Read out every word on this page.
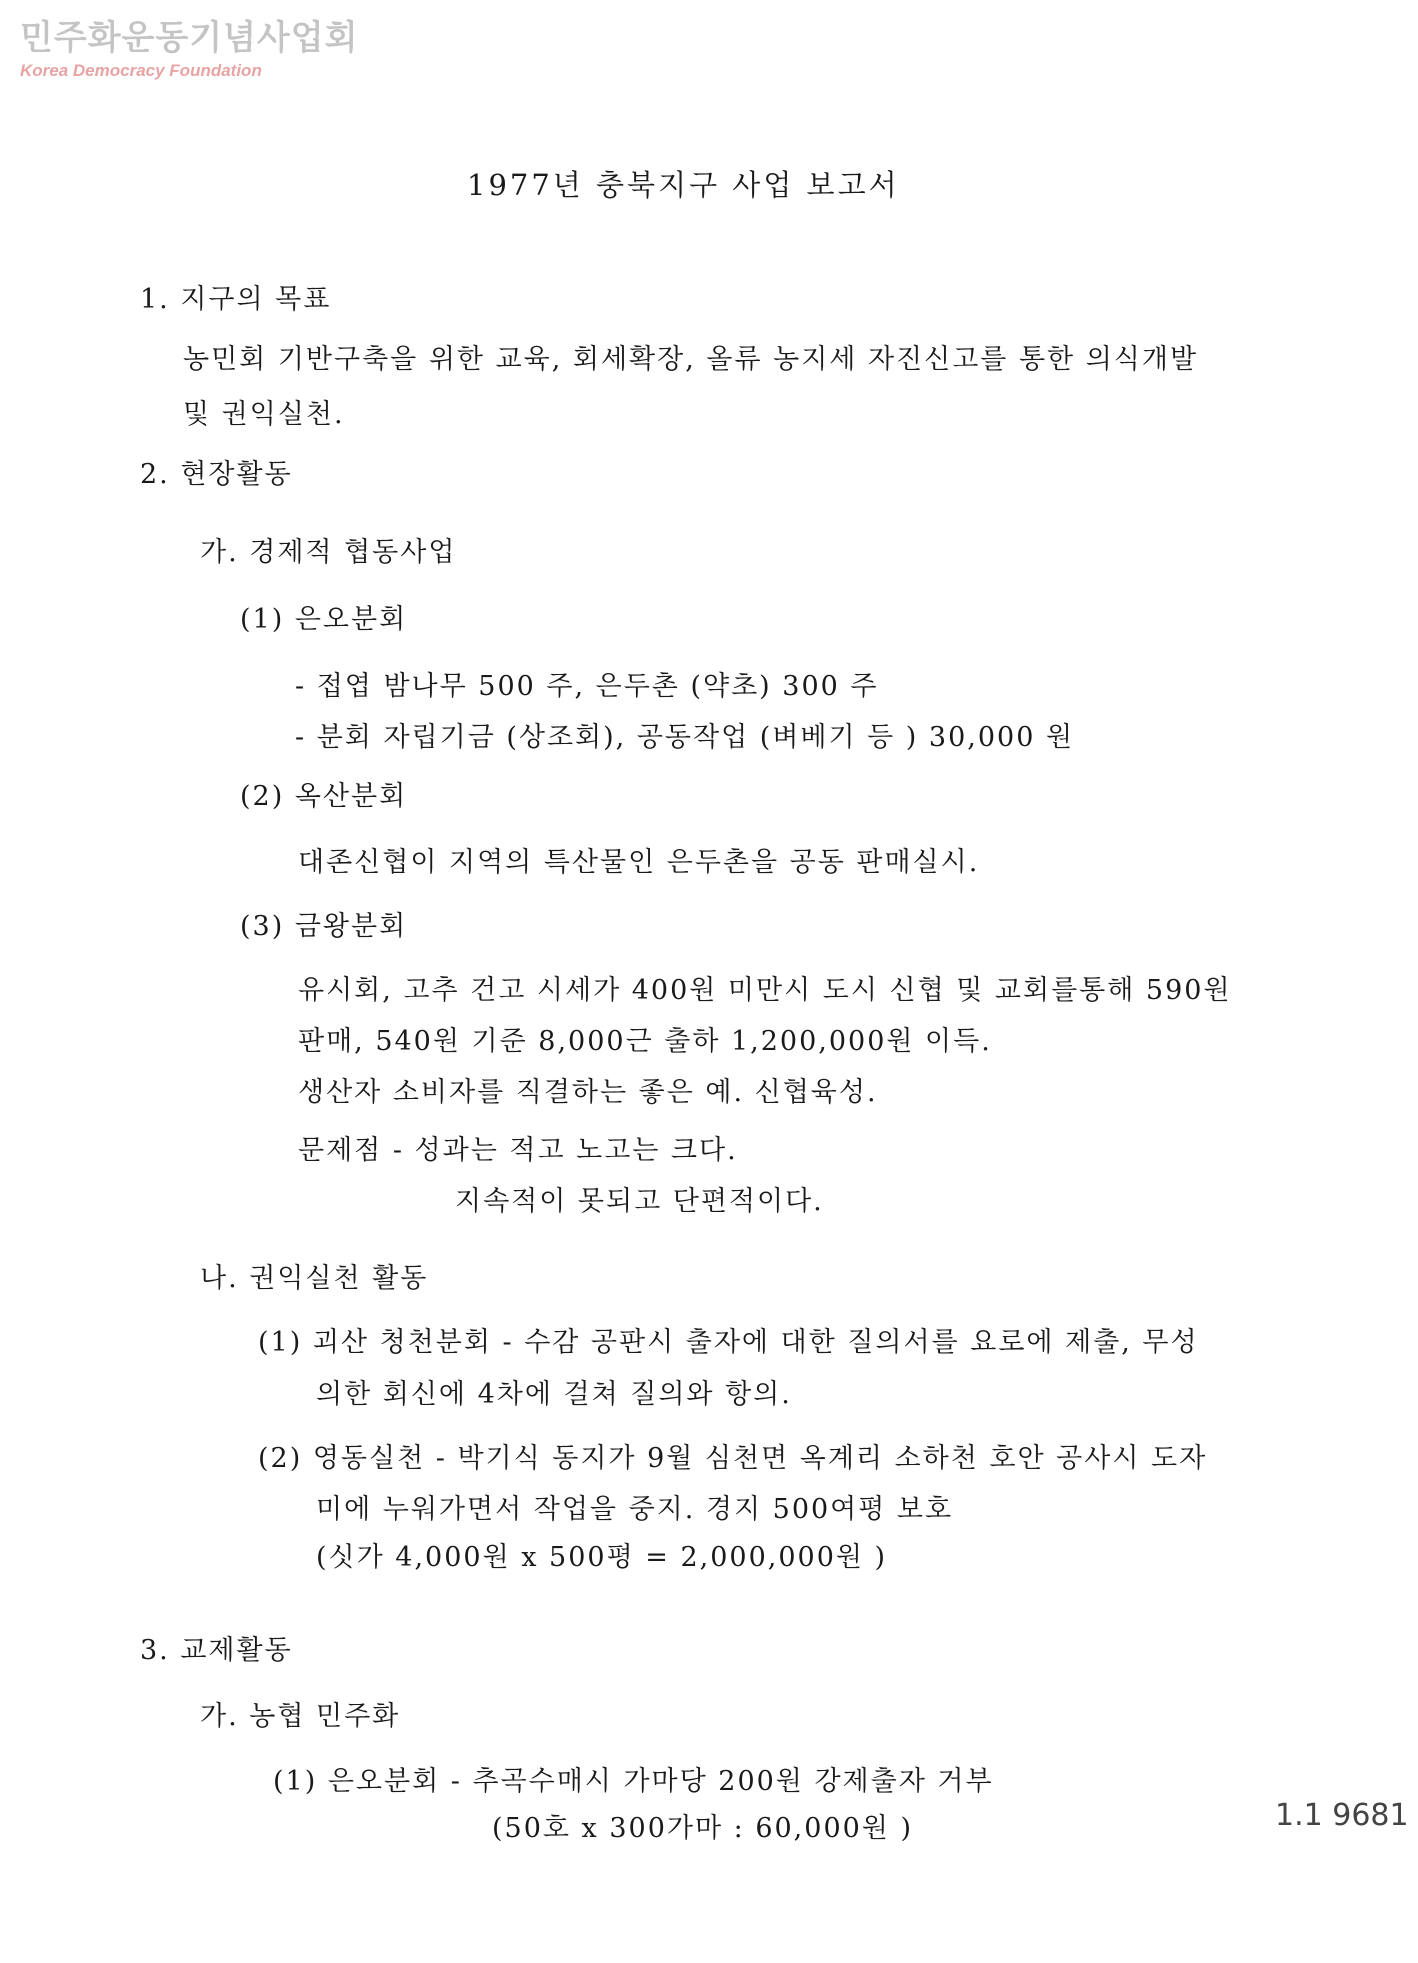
민주화운동기념사업회
Korea Democracy Foundation
1977년 충북지구 사업 보고서
1. 지구의 목표
농민회 기반구축을 위한 교육, 회세확장, 올류 농지세 자진신고를 통한 의식개발
및 권익실천.
2. 현장활동
가. 경제적 협동사업
(1) 은오분회
- 접엽 밤나무 500 주, 은두촌 (약초) 300 주
- 분회 자립기금 (상조회), 공동작업 (벼베기 등 ) 30,000 원
(2) 옥산분회
대존신협이 지역의 특산물인 은두촌을 공동 판매실시.
(3) 금왕분회
유시회, 고추 건고 시세가 400원 미만시 도시 신협 및 교회를통해 590원
판매, 540원 기준 8,000근 출하 1,200,000원 이득.
생산자 소비자를 직결하는 좋은 예. 신협육성.
문제점 - 성과는 적고 노고는 크다.
지속적이 못되고 단편적이다.
나. 권익실천 활동
(1) 괴산 청천분회 - 수감 공판시 출자에 대한 질의서를 요로에 제출, 무성
의한 회신에 4차에 걸쳐 질의와 항의.
(2) 영동실천 - 박기식 동지가 9월 심천면 옥계리 소하천 호안 공사시 도자
미에 누워가면서 작업을 중지. 경지 500여평 보호
(싯가 4,000원 x 500평 = 2,000,000원 )
3. 교제활동
가. 농협 민주화
(1) 은오분회 - 추곡수매시 가마당 200원 강제출자 거부
(50호 x 300가마 : 60,000원 )	1.1 9681
